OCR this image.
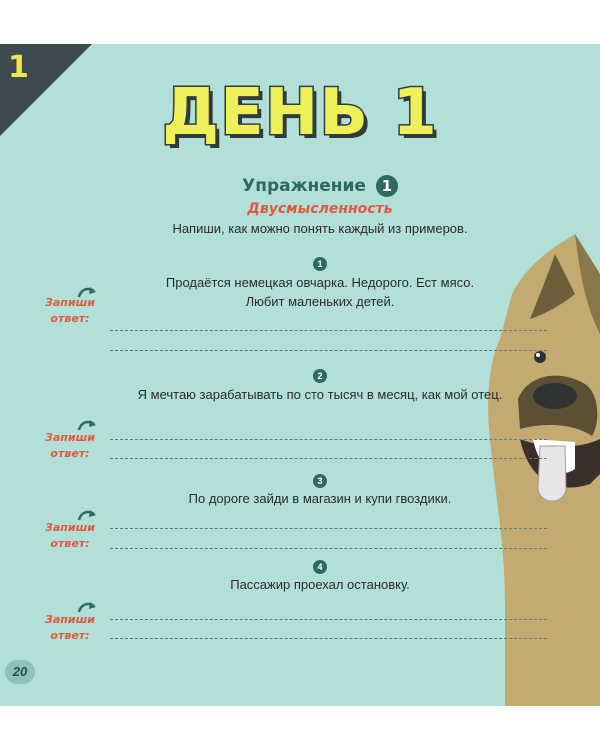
1
ДЕНЬ 1
Упражнение 1
Двусмысленность
Напиши, как можно понять каждый из примеров.
1
Продаётся немецкая овчарка. Недорого. Ест мясо.
Любит маленьких детей.
Запиши ответ:
2
Я мечтаю зарабатывать по сто тысяч в месяц, как мой отец.
Запиши ответ:
3
По дороге зайди в магазин и купи гвоздики.
Запиши ответ:
4
Пассажир проехал остановку.
Запиши ответ:
20
